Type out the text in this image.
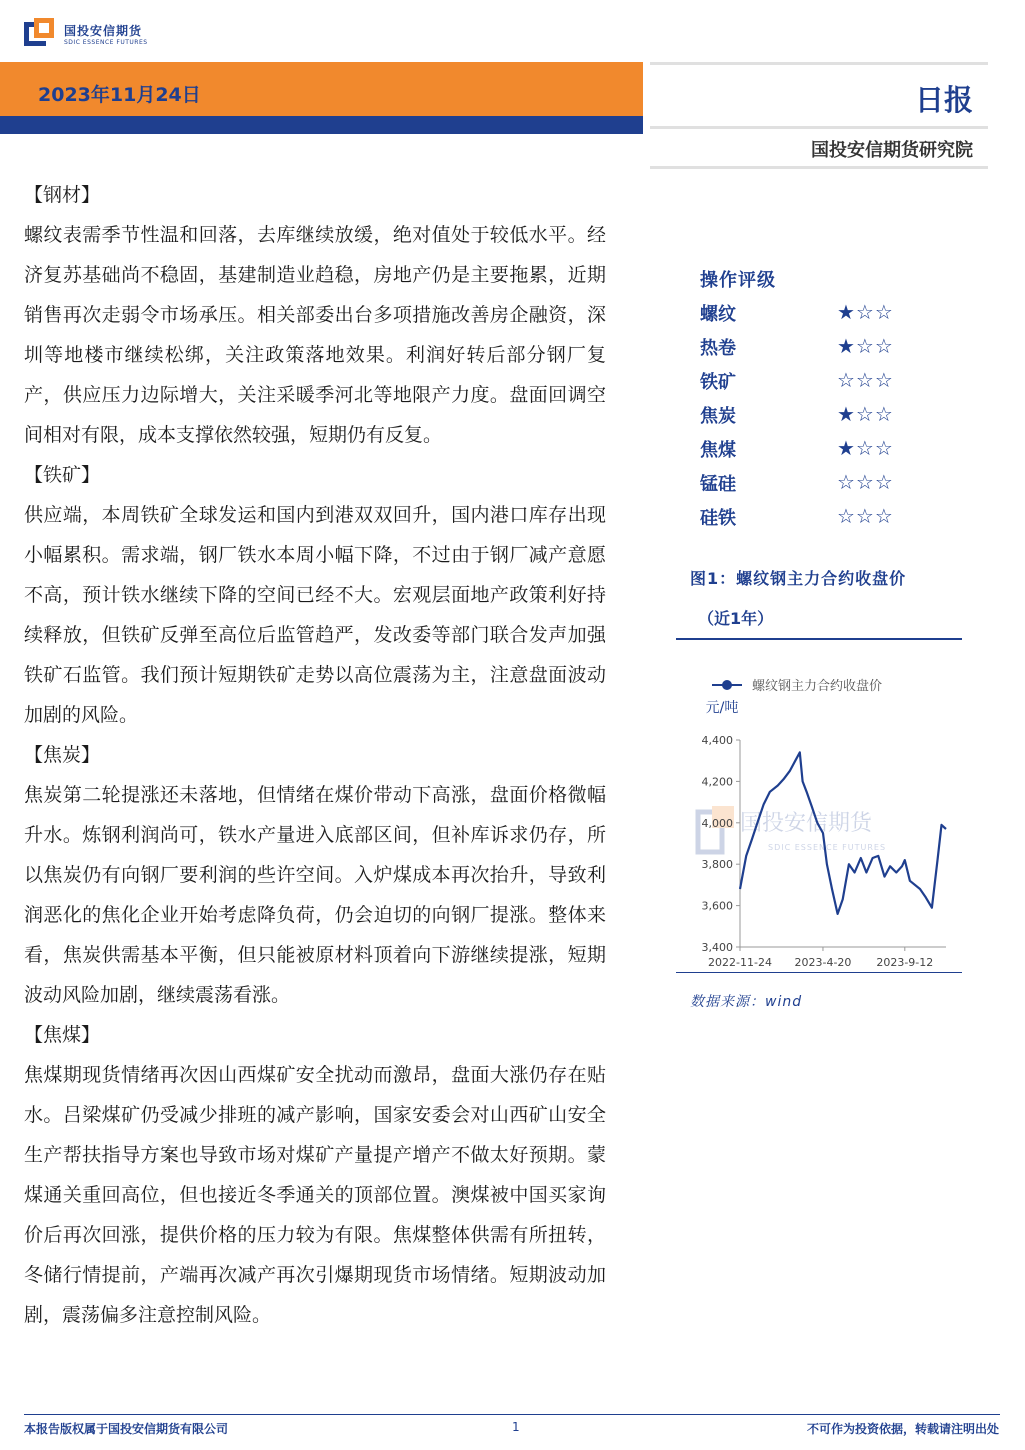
国投安信期货
SDIC ESSENCE FUTURES
2023年11月24日	日报
国投安信期货研究院

【钢材】

螺纹表需季节性温和回落，去库继续放缓，绝对值处于较低水平。经济复苏基础尚不稳固，基建制造业趋稳，房地产仍是主要拖累，近期销售再次走弱令市场承压。相关部委出台多项措施改善房企融资，深圳等地楼市继续松绑，关注政策落地效果。利润好转后部分钢厂复产，供应压力边际增大，关注采暖季河北等地限产力度。盘面回调空间相对有限，成本支撑依然较强，短期仍有反复。

【铁矿】

供应端，本周铁矿全球发运和国内到港双双回升，国内港口库存出现小幅累积。需求端，钢厂铁水本周小幅下降，不过由于钢厂减产意愿不高，预计铁水继续下降的空间已经不大。宏观层面地产政策利好持续释放，但铁矿反弹至高位后监管趋严，发改委等部门联合发声加强铁矿石监管。我们预计短期铁矿走势以高位震荡为主，注意盘面波动加剧的风险。

【焦炭】

焦炭第二轮提涨还未落地，但情绪在煤价带动下高涨，盘面价格微幅升水。炼钢利润尚可，铁水产量进入底部区间，但补库诉求仍存，所以焦炭仍有向钢厂要利润的些许空间。入炉煤成本再次抬升，导致利润恶化的焦化企业开始考虑降负荷，仍会迫切的向钢厂提涨。整体来看，焦炭供需基本平衡，但只能被原材料顶着向下游继续提涨，短期波动风险加剧，继续震荡看涨。

【焦煤】

焦煤期现货情绪再次因山西煤矿安全扰动而激昂，盘面大涨仍存在贴水。吕梁煤矿仍受减少排班的减产影响，国家安委会对山西矿山安全生产帮扶指导方案也导致市场对煤矿产量提产增产不做太好预期。蒙煤通关重回高位，但也接近冬季通关的顶部位置。澳煤被中国买家询价后再次回涨，提供价格的压力较为有限。焦煤整体供需有所扭转，冬储行情提前，产端再次减产再次引爆期现货市场情绪。短期波动加剧，震荡偏多注意控制风险。

操作评级
螺纹	★☆☆
热卷	★☆☆
铁矿	☆☆☆
焦炭	★☆☆
焦煤	★☆☆
锰硅	☆☆☆
硅铁	☆☆☆
图1：螺纹钢主力合约收盘价
（近1年）
国投安信期货
SDIC ESSENCE FUTURES
螺纹钢主力合约收盘价
元/吨
3,400
3,600
3,800
4,000
4,200
4,400
2022-11-24 2023-4-20 2023-9-12
数据来源：wind
本报告版权属于国投安信期货有限公司	1	不可作为投资依据，转载请注明出处
